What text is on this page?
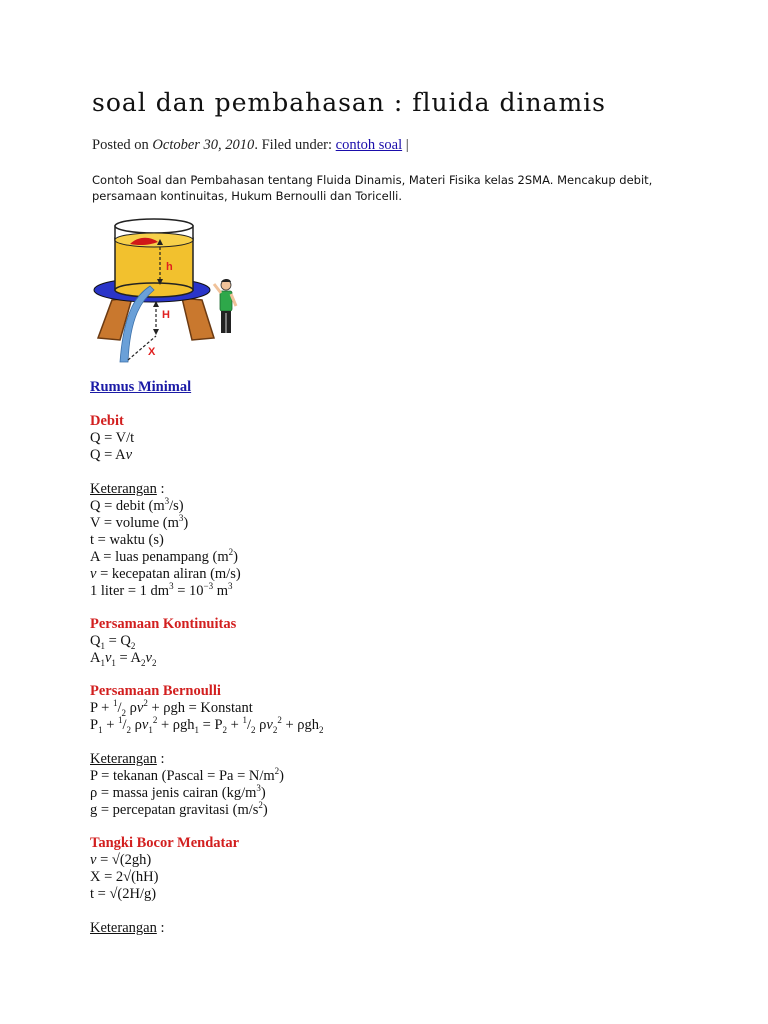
soal dan pembahasan : fluida dinamis
Posted on October 30, 2010. Filed under: contoh soal |
Contoh Soal dan Pembahasan tentang Fluida Dinamis, Materi Fisika kelas 2SMA. Mencakup debit, persamaan kontinuitas, Hukum Bernoulli dan Toricelli.
h
H
X
Rumus Minimal
Debit
Q = V/t
Q = Av
Keterangan :
Q = debit $(m^3/s)$
V = volume $(m^3)$
t = waktu (s)
A = luas penampang $(m^2)$
v = kecepatan aliran (m/s)
1 liter = 1 $dm^3 = 10^{-3}$ $m^3$
Persamaan Kontinuitas
$Q_1 = Q_2$
$A_1v_1 = A_2v_2$
Persamaan Bernoulli
$P + ^1/_2$ $\rho v^2 + \rho gh$ = Konstant
$P_1 + ^1/_2$ $\rho v_1^2 + \rho gh_1 = P_2 + ^1/_2$ $\rho v_2^2 + \rho gh_2$
Keterangan :
P = tekanan (Pascal = $Pa = N/m^2$)
ρ = massa jenis cairan $(kg/m^3)$
g = percepatan gravitasi $(m/s^2)$
Tangki Bocor Mendatar
v = √(2gh)
X = 2√(hH)
t = √(2H/g)
Keterangan :
